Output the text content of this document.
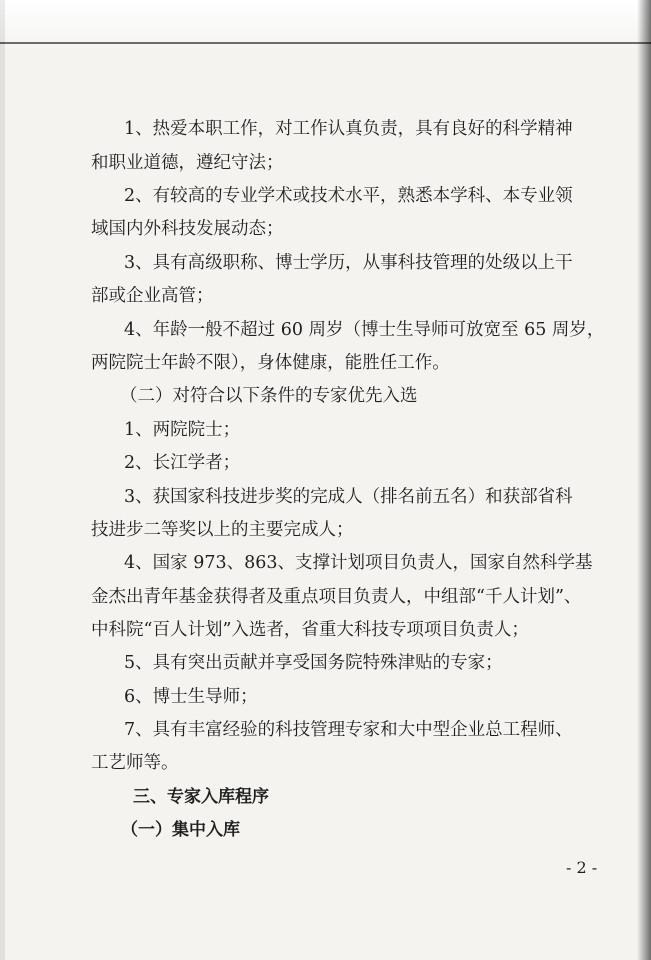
1、热爱本职工作，对工作认真负责，具有良好的科学精神
和职业道德，遵纪守法；
2、有较高的专业学术或技术水平，熟悉本学科、本专业领
域国内外科技发展动态；
3、具有高级职称、博士学历，从事科技管理的处级以上干
部或企业高管；
4、年龄一般不超过 60 周岁（博士生导师可放宽至 65 周岁，
两院院士年龄不限），身体健康，能胜任工作。
（二）对符合以下条件的专家优先入选
1、两院院士；
2、长江学者；
3、获国家科技进步奖的完成人（排名前五名）和获部省科
技进步二等奖以上的主要完成人；
4、国家 973、863、支撑计划项目负责人，国家自然科学基
金杰出青年基金获得者及重点项目负责人，中组部“千人计划”、
中科院“百人计划”入选者，省重大科技专项项目负责人；
5、具有突出贡献并享受国务院特殊津贴的专家；
6、博士生导师；
7、具有丰富经验的科技管理专家和大中型企业总工程师、
工艺师等。
三、专家入库程序
（一）集中入库
- 2 -
